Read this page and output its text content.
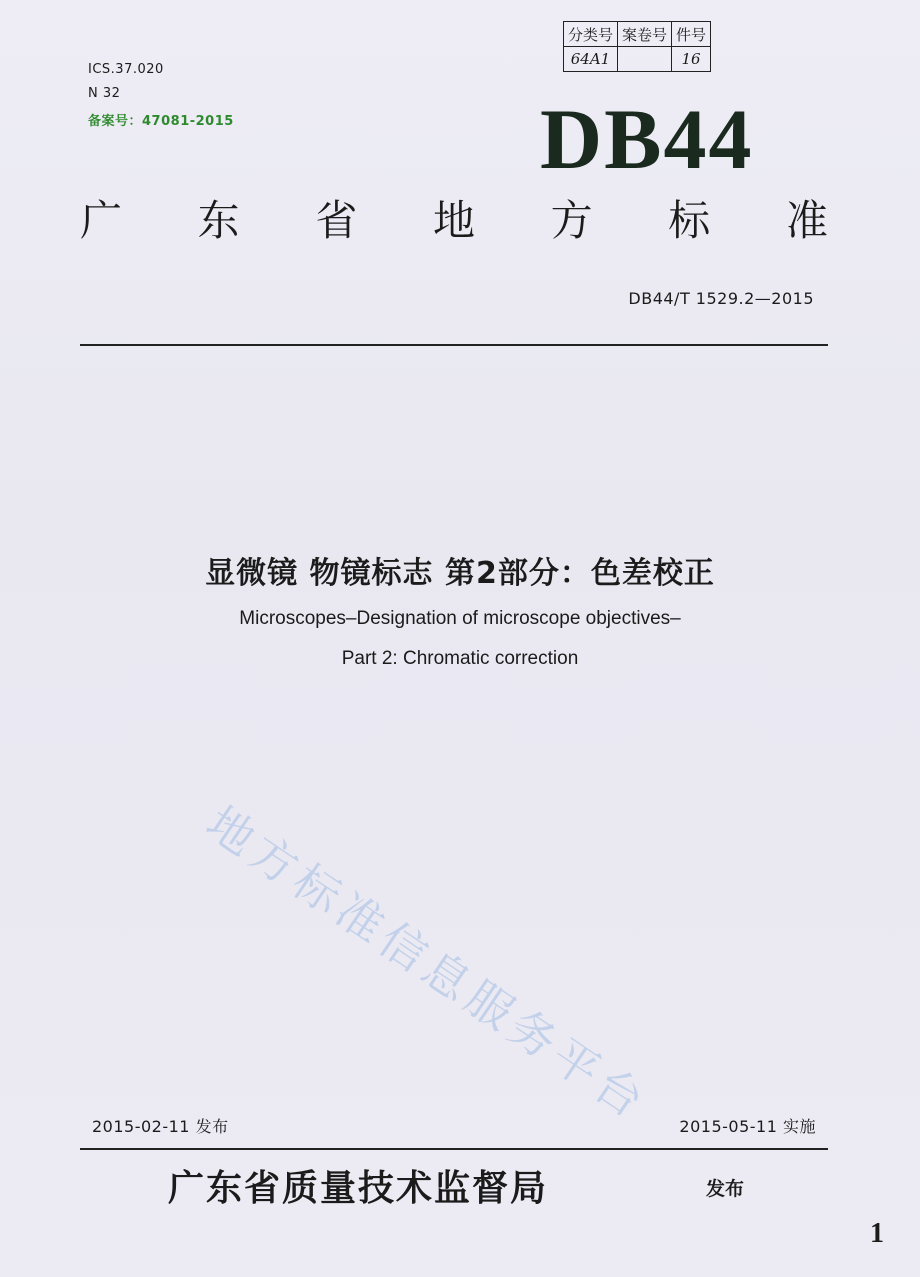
ICS.37.020
N 32
备案号：47081-2015
分类号	案卷号	件号
64A1		16
DB44
广 东 省 地 方 标 准
DB44/T 1529.2—2015
显微镜 物镜标志 第2部分：色差校正
Microscopes–Designation of microscope objectives–
Part 2: Chromatic correction
地方标准信息服务平台
2015-02-11 发布	2015-05-11 实施
广东省质量技术监督局	发布
1
